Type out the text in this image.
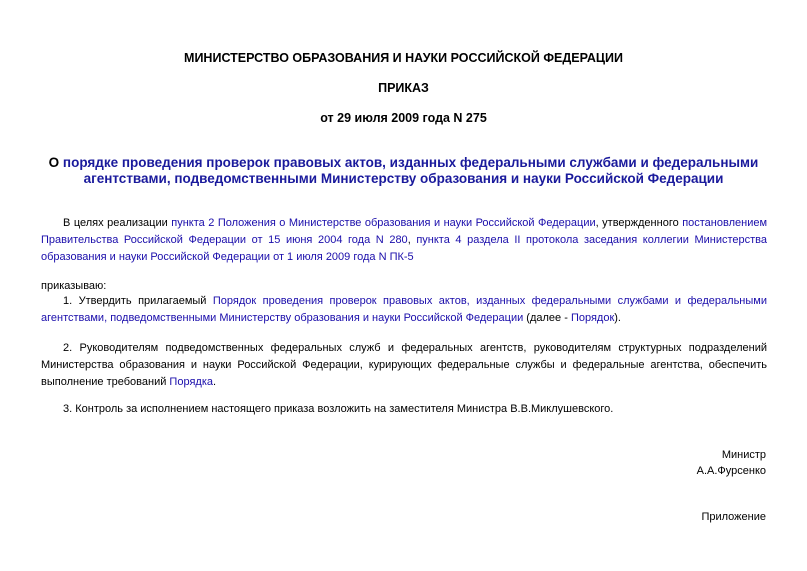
МИНИСТЕРСТВО ОБРАЗОВАНИЯ И НАУКИ РОССИЙСКОЙ ФЕДЕРАЦИИ
ПРИКАЗ
от 29 июля 2009 года N 275
О порядке проведения проверок правовых актов, изданных федеральными службами и федеральными агентствами, подведомственными Министерству образования и науки Российской Федерации
В целях реализации пункта 2 Положения о Министерстве образования и науки Российской Федерации, утвержденного постановлением Правительства Российской Федерации от 15 июня 2004 года N 280, пункта 4 раздела II протокола заседания коллегии Министерства образования и науки Российской Федерации от 1 июля 2009 года N ПК-5
приказываю:
1. Утвердить прилагаемый Порядок проведения проверок правовых актов, изданных федеральными службами и федеральными агентствами, подведомственными Министерству образования и науки Российской Федерации (далее - Порядок).
2. Руководителям подведомственных федеральных служб и федеральных агентств, руководителям структурных подразделений Министерства образования и науки Российской Федерации, курирующих федеральные службы и федеральные агентства, обеспечить выполнение требований Порядка.
3. Контроль за исполнением настоящего приказа возложить на заместителя Министра В.В.Миклушевского.
Министр
А.А.Фурсенко
Приложение
